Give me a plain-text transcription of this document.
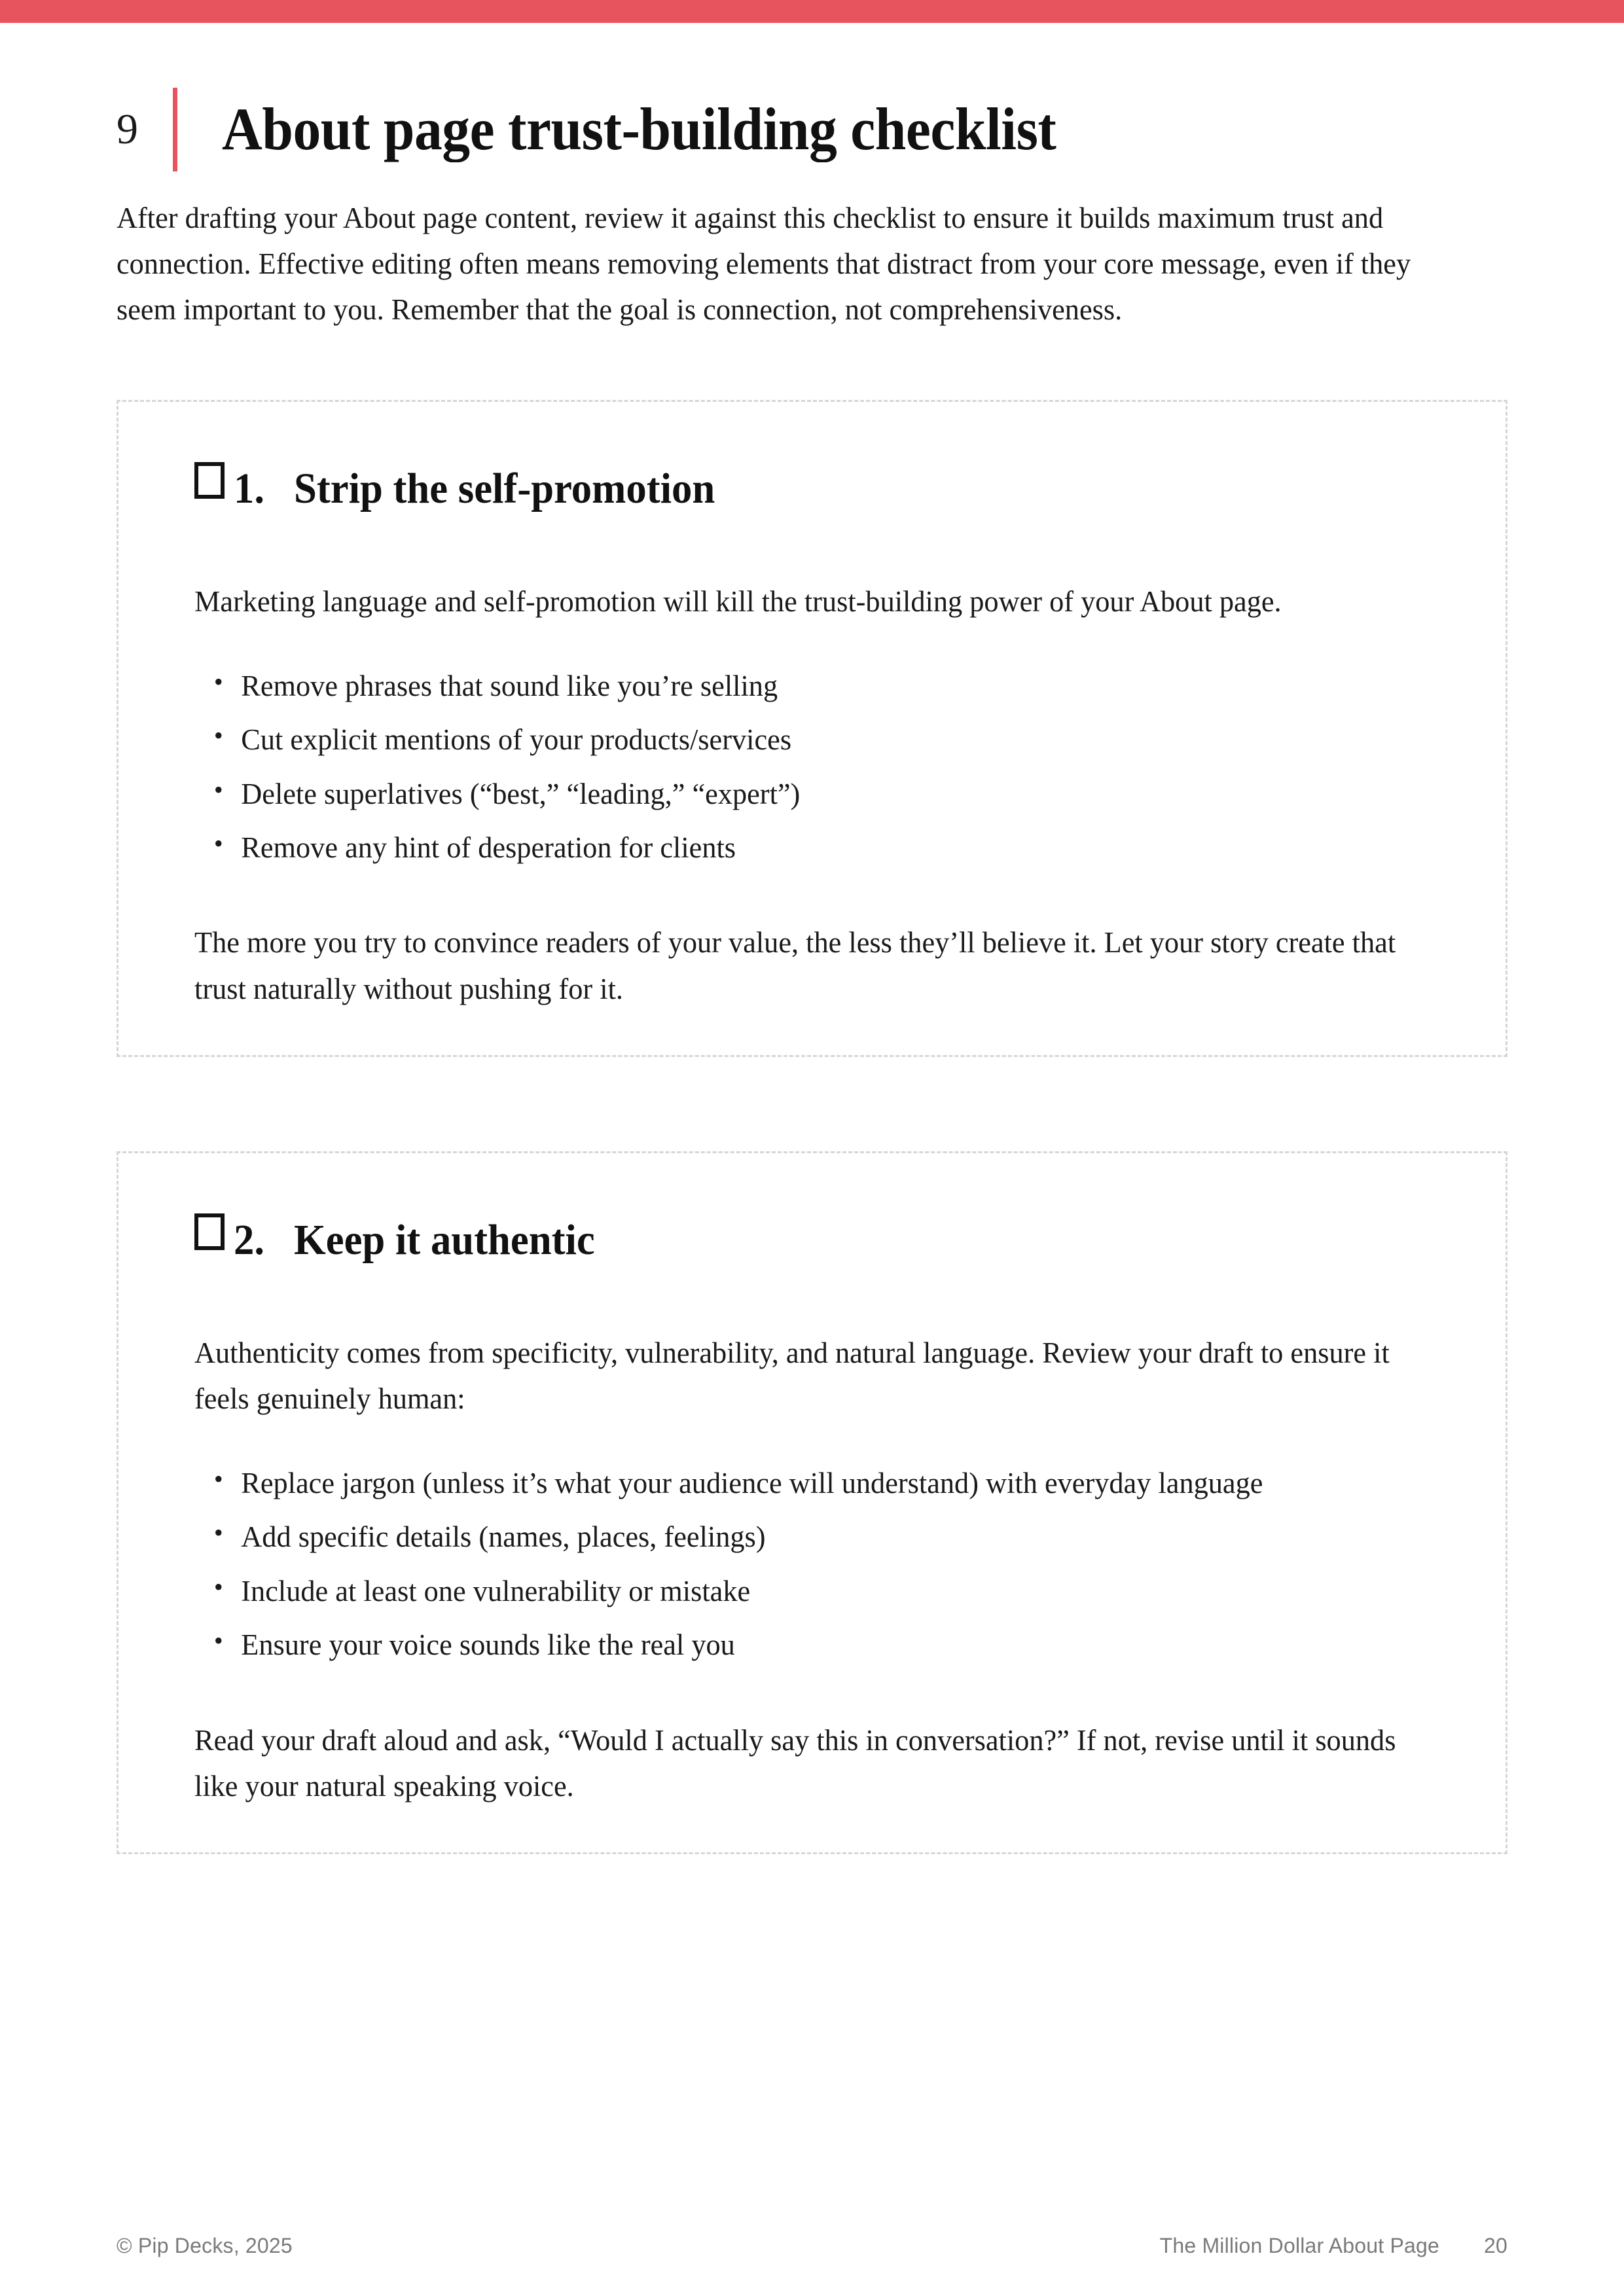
9	About page trust-building checklist

After drafting your About page content, review it against this checklist to ensure it builds maximum trust and connection. Effective editing often means removing elements that distract from your core message, even if they seem important to you. Remember that the goal is connection, not comprehensiveness.

1. Strip the self-promotion

Marketing language and self-promotion will kill the trust-building power of your About page.

• Remove phrases that sound like you’re selling
• Cut explicit mentions of your products/services
• Delete superlatives (“best,” “leading,” “expert”)
• Remove any hint of desperation for clients

The more you try to convince readers of your value, the less they’ll believe it. Let your story create that trust naturally without pushing for it.

2. Keep it authentic

Authenticity comes from specificity, vulnerability, and natural language. Review your draft to ensure it feels genuinely human:

• Replace jargon (unless it’s what your audience will understand) with everyday language
• Add specific details (names, places, feelings)
• Include at least one vulnerability or mistake
• Ensure your voice sounds like the real you

Read your draft aloud and ask, “Would I actually say this in conversation?” If not, revise until it sounds like your natural speaking voice.

© Pip Decks, 2025	The Million Dollar About Page	20
